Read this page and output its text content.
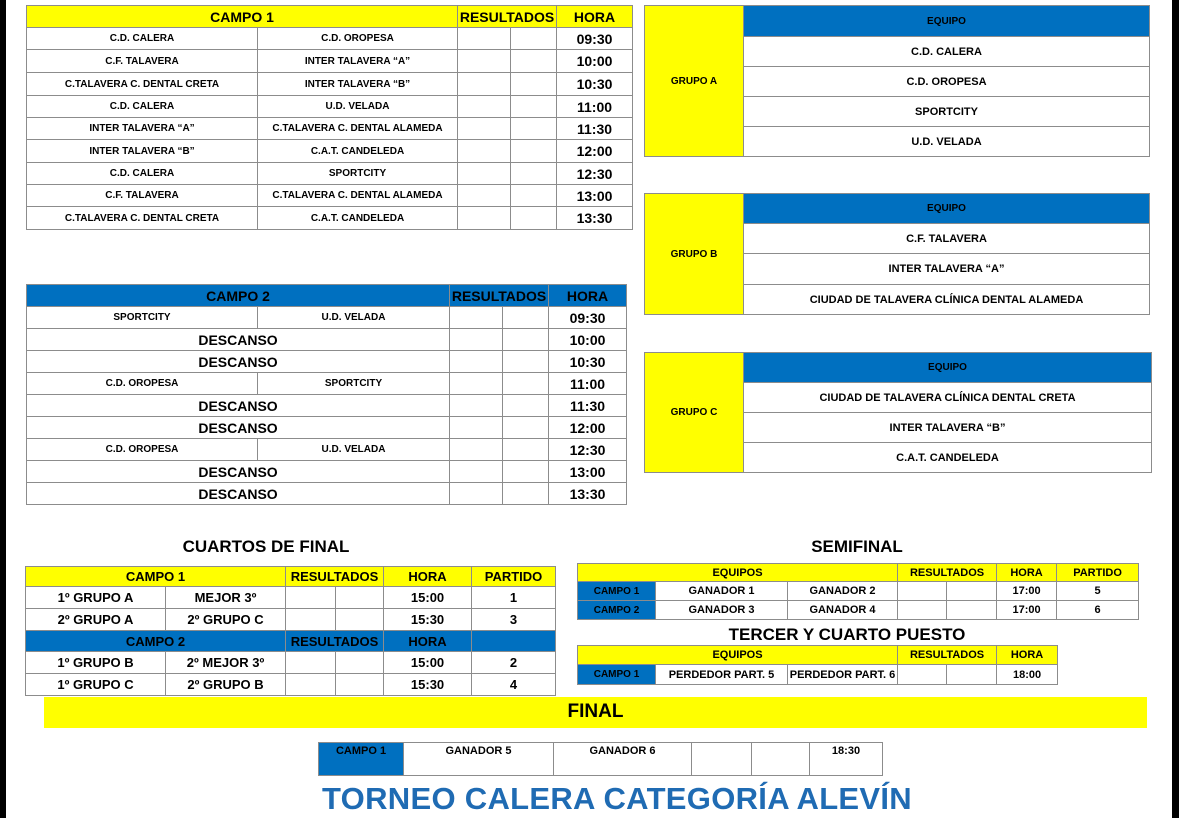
CAMPO 1		RESULTADOS		HORA
C.D. CALERA	C.D. OROPESA			09:30
C.F. TALAVERA	INTER TALAVERA “A”			10:00
C.TALAVERA C. DENTAL CRETA	INTER TALAVERA “B”			10:30
C.D. CALERA	U.D. VELADA			11:00
INTER TALAVERA “A”	C.TALAVERA C. DENTAL ALAMEDA			11:30
INTER TALAVERA “B”	C.A.T. CANDELEDA			12:00
C.D. CALERA	SPORTCITY			12:30
C.F. TALAVERA	C.TALAVERA C. DENTAL ALAMEDA			13:00
C.TALAVERA C. DENTAL CRETA	C.A.T. CANDELEDA			13:30
CAMPO 2		RESULTADOS		HORA
SPORTCITY	U.D. VELADA			09:30
DESCANSO				10:00
DESCANSO				10:30
C.D. OROPESA	SPORTCITY			11:00
DESCANSO				11:30
DESCANSO				12:00
C.D. OROPESA	U.D. VELADA			12:30
DESCANSO				13:00
DESCANSO				13:30
GRUPO A	EQUIPO
C.D. CALERA
C.D. OROPESA
SPORTCITY
U.D. VELADA
GRUPO B	EQUIPO
C.F. TALAVERA
INTER TALAVERA “A”
CIUDAD DE TALAVERA CLÍNICA DENTAL ALAMEDA
GRUPO C	EQUIPO
CIUDAD DE TALAVERA CLÍNICA DENTAL CRETA
INTER TALAVERA “B”
C.A.T. CANDELEDA
CUARTOS DE FINAL
CAMPO 1		RESULTADOS		HORA	PARTIDO
1º GRUPO A	MEJOR 3º			15:00	1
2º GRUPO A	2º GRUPO C			15:30	3
CAMPO 2		RESULTADOS		HORA	
1º GRUPO B	2º MEJOR 3º			15:00	2
1º GRUPO C	2º GRUPO B			15:30	4
SEMIFINAL
EQUIPOS			RESULTADOS		HORA	PARTIDO
CAMPO 1	GANADOR 1	GANADOR 2			17:00	5
CAMPO 2	GANADOR 3	GANADOR 4			17:00	6
TERCER Y CUARTO PUESTO
EQUIPOS			RESULTADOS		HORA
CAMPO 1	PERDEDOR PART. 5	PERDEDOR PART. 6			18:00
FINAL
CAMPO 1	GANADOR 5	GANADOR 6			18:30
TORNEO CALERA CATEGORÍA ALEVÍN
